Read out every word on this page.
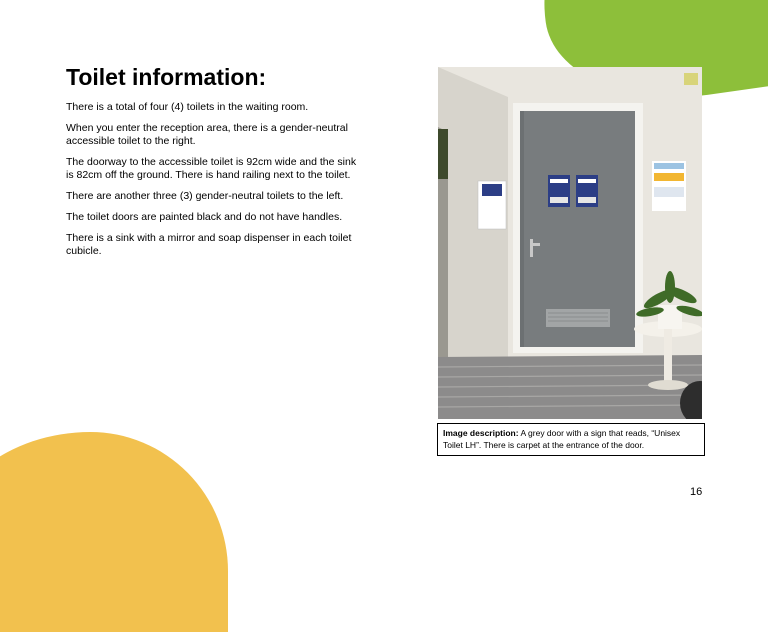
Toilet information:

There is a total of four (4) toilets in the waiting room.

When you enter the reception area, there is a gender-neutral accessible toilet to the right.

The doorway to the accessible toilet is 92cm wide and the sink is 82cm off the ground. There is hand railing next to the toilet.

There are another three (3) gender-neutral toilets to the left.

The toilet doors are painted black and do not have handles.

There is a sink with a mirror and soap dispenser in each toilet cubicle.

Image description: A grey door with a sign that reads, “Unisex Toilet LH”. There is carpet at the entrance of the door.
16
